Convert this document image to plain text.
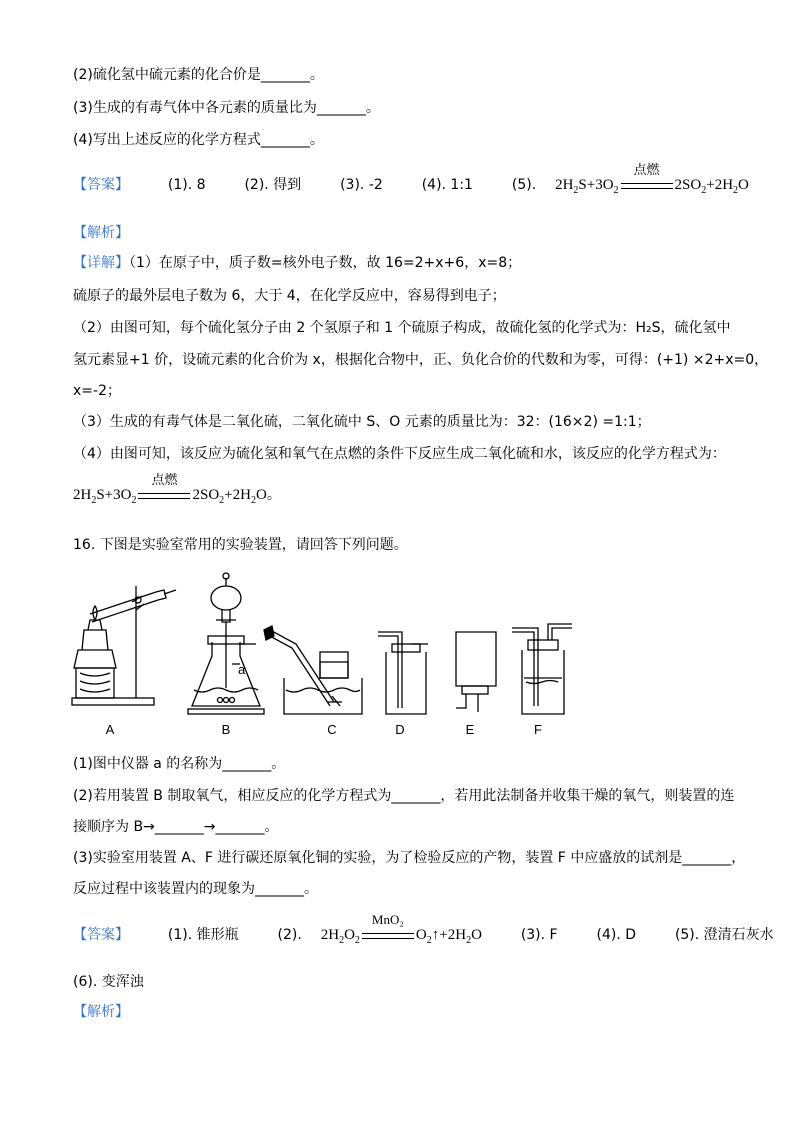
(2)硫化氢中硫元素的化合价是_______。
(3)生成的有毒气体中各元素的质量比为_______。
(4)写出上述反应的化学方程式_______。
【答案】	(1). 8	(2). 得到	(3). -2	(4). 1:1	(5). $2H_2S+3O_2$
点燃
$2SO_2+2H_2O$
【解析】
【详解】（1）在原子中，质子数=核外电子数，故 16=2+x+6，x=8；
硫原子的最外层电子数为 6，大于 4，在化学反应中，容易得到电子；
（2）由图可知，每个硫化氢分子由 2 个氢原子和 1 个硫原子构成，故硫化氢的化学式为：H₂S，硫化氢中
氢元素显+1 价，设硫元素的化合价为 x，根据化合物中，正、负化合价的代数和为零，可得：(+1) ×2+x=0，
x=-2；
（3）生成的有毒气体是二氧化硫，二氧化硫中 S、O 元素的质量比为：32：(16×2) =1:1；
（4）由图可知，该反应为硫化氢和氧气在点燃的条件下反应生成二氧化硫和水，该反应的化学方程式为：
$2H_2S+3O_2$
点燃
$2SO_2+2H_2O$。
16. 下图是实验室常用的实验装置，请回答下列问题。
a
A	B	C	D	E	F
(1)图中仪器 a 的名称为_______。
(2)若用装置 B 制取氧气，相应反应的化学方程式为_______，若用此法制备并收集干燥的氧气，则装置的连
接顺序为 B→_______→_______。
(3)实验室用装置 A、F 进行碳还原氧化铜的实验，为了检验反应的产物，装置 F 中应盛放的试剂是_______，
反应过程中该装置内的现象为_______。
【答案】	(1). 锥形瓶	(2). $2H_2O_2$
MnO₂
$O_2↑+2H_2O$	(3). F	(4). D	(5). 澄清石灰水
(6). 变浑浊
【解析】
